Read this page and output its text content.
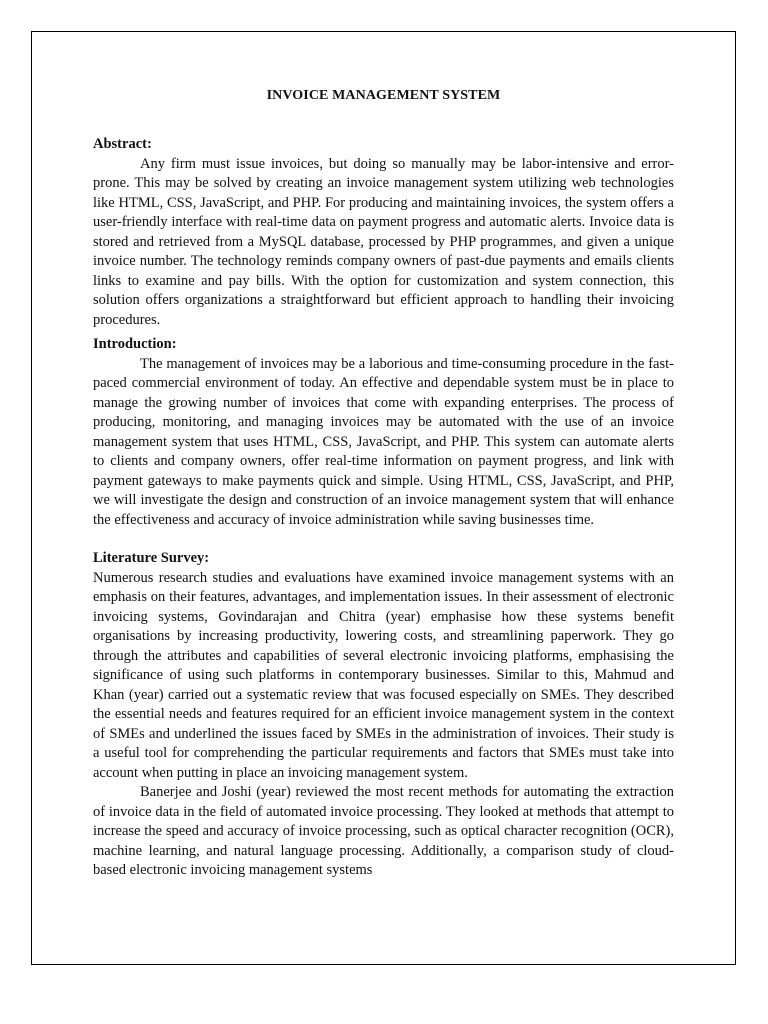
INVOICE MANAGEMENT SYSTEM
Abstract:

Any firm must issue invoices, but doing so manually may be labor-intensive and error-prone. This may be solved by creating an invoice management system utilizing web technologies like HTML, CSS, JavaScript, and PHP. For producing and maintaining invoices, the system offers a user-friendly interface with real-time data on payment progress and automatic alerts. Invoice data is stored and retrieved from a MySQL database, processed by PHP programmes, and given a unique invoice number. The technology reminds company owners of past-due payments and emails clients links to examine and pay bills. With the option for customization and system connection, this solution offers organizations a straightforward but efficient approach to handling their invoicing procedures.

Introduction:

The management of invoices may be a laborious and time-consuming procedure in the fast-paced commercial environment of today. An effective and dependable system must be in place to manage the growing number of invoices that come with expanding enterprises. The process of producing, monitoring, and managing invoices may be automated with the use of an invoice management system that uses HTML, CSS, JavaScript, and PHP. This system can automate alerts to clients and company owners, offer real-time information on payment progress, and link with payment gateways to make payments quick and simple. Using HTML, CSS, JavaScript, and PHP, we will investigate the design and construction of an invoice management system that will enhance the effectiveness and accuracy of invoice administration while saving businesses time.

Literature Survey:

Numerous research studies and evaluations have examined invoice management systems with an emphasis on their features, advantages, and implementation issues. In their assessment of electronic invoicing systems, Govindarajan and Chitra (year) emphasise how these systems benefit organisations by increasing productivity, lowering costs, and streamlining paperwork. They go through the attributes and capabilities of several electronic invoicing platforms, emphasising the significance of using such platforms in contemporary businesses. Similar to this, Mahmud and Khan (year) carried out a systematic review that was focused especially on SMEs. They described the essential needs and features required for an efficient invoice management system in the context of SMEs and underlined the issues faced by SMEs in the administration of invoices. Their study is a useful tool for comprehending the particular requirements and factors that SMEs must take into account when putting in place an invoicing management system.

Banerjee and Joshi (year) reviewed the most recent methods for automating the extraction of invoice data in the field of automated invoice processing. They looked at methods that attempt to increase the speed and accuracy of invoice processing, such as optical character recognition (OCR), machine learning, and natural language processing. Additionally, a comparison study of cloud-based electronic invoicing management systems
